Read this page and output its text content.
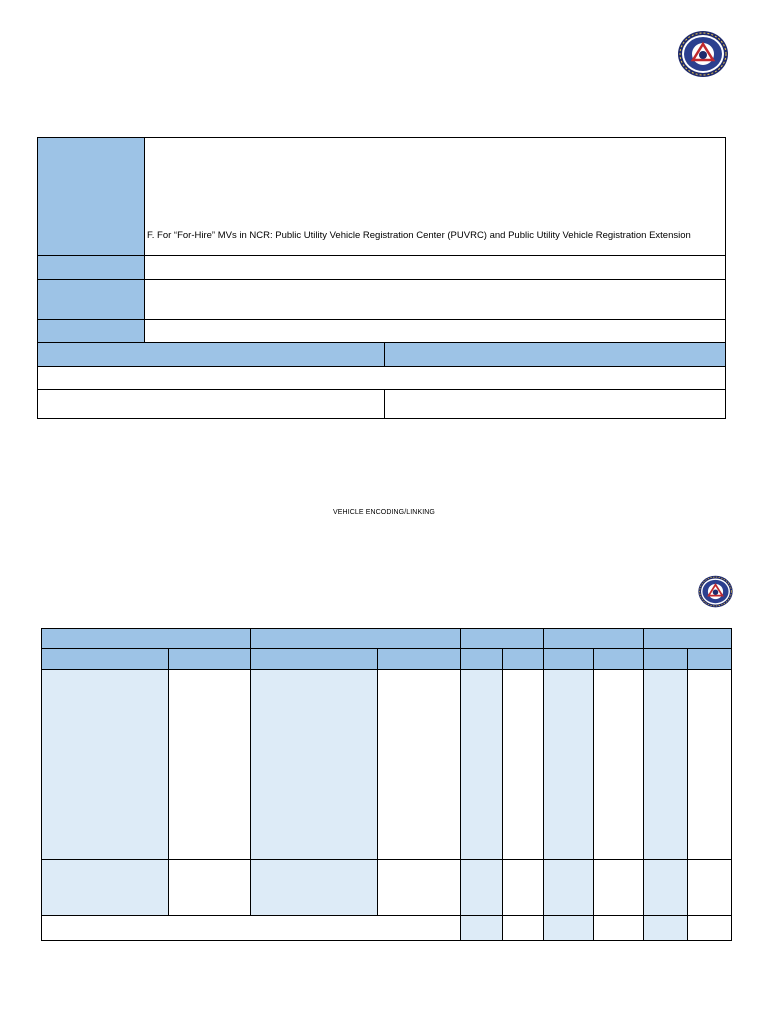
	F. For “For-Hire” MVs in NCR: Public Utility Vehicle Registration Center (PUVRC) and Public Utility Vehicle Registration Extension	

VEHICLE ENCODING/LINKING
